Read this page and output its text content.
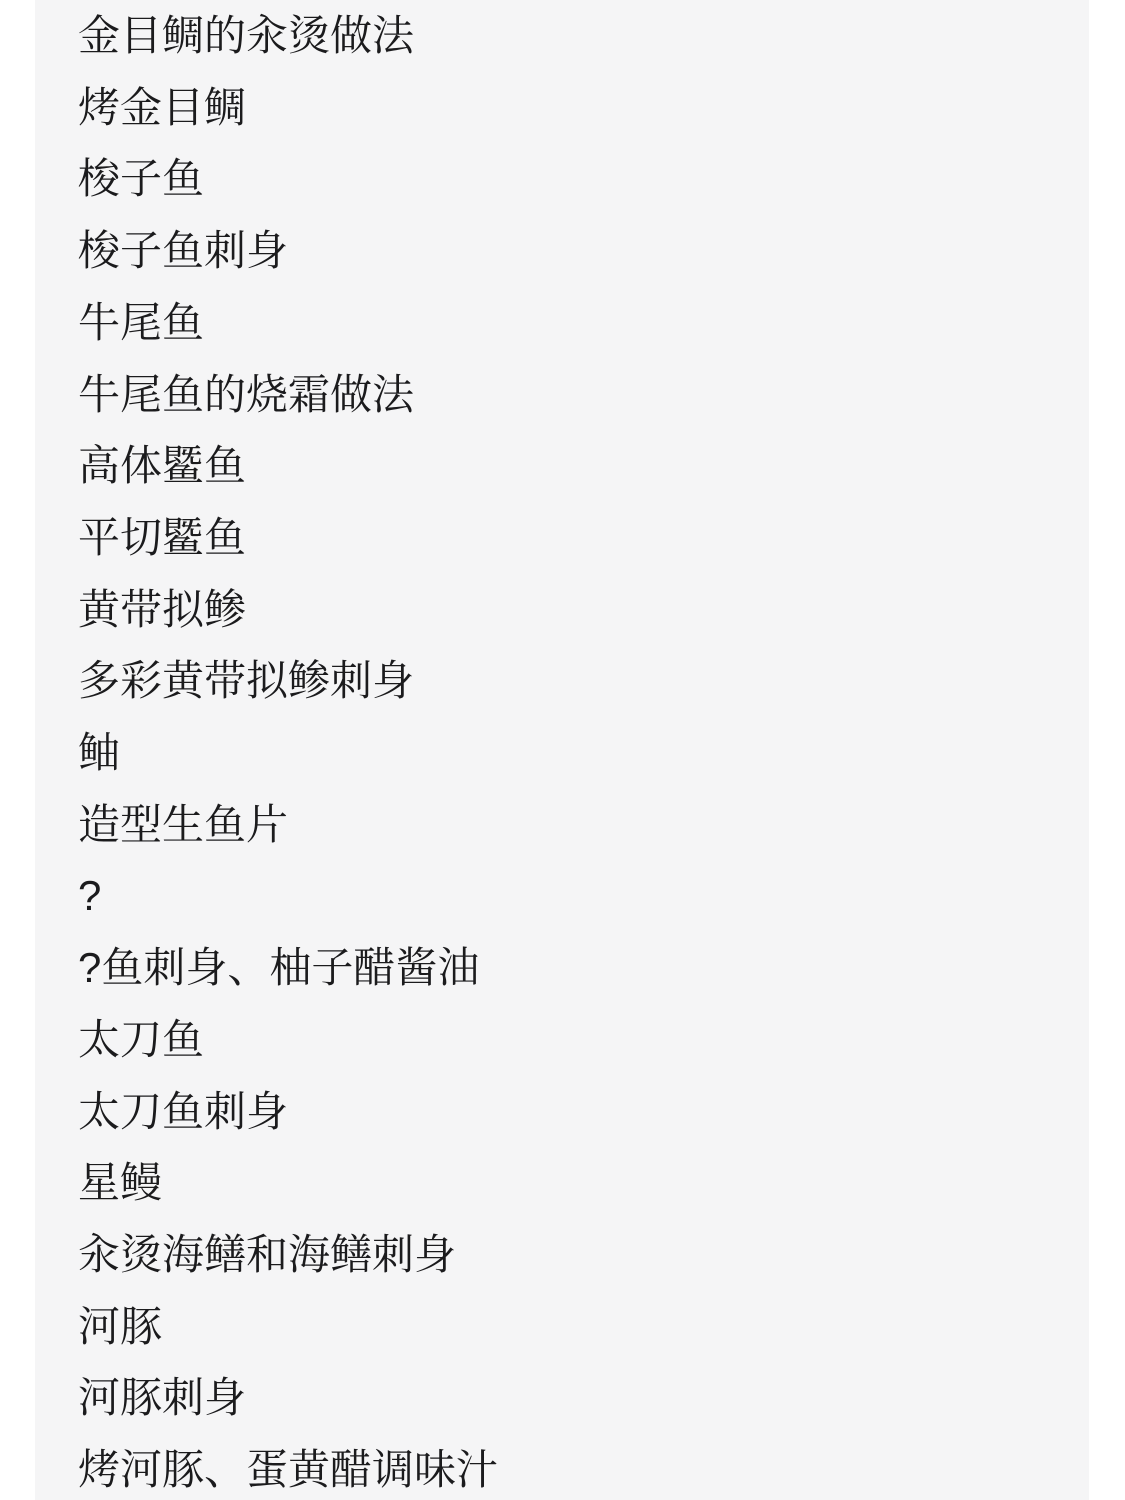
金目鲷的汆烫做法
烤金目鲷
梭子鱼
梭子鱼刺身
牛尾鱼
牛尾鱼的烧霜做法
高体𬶨鱼
平切𬶨鱼
黄带拟鲹
多彩黄带拟鲹刺身
鲉
造型生鱼片
?
?鱼刺身、柚子醋酱油
太刀鱼
太刀鱼刺身
星鳗
汆烫海鳝和海鳝刺身
河豚
河豚刺身
烤河豚、蛋黄醋调味汁
